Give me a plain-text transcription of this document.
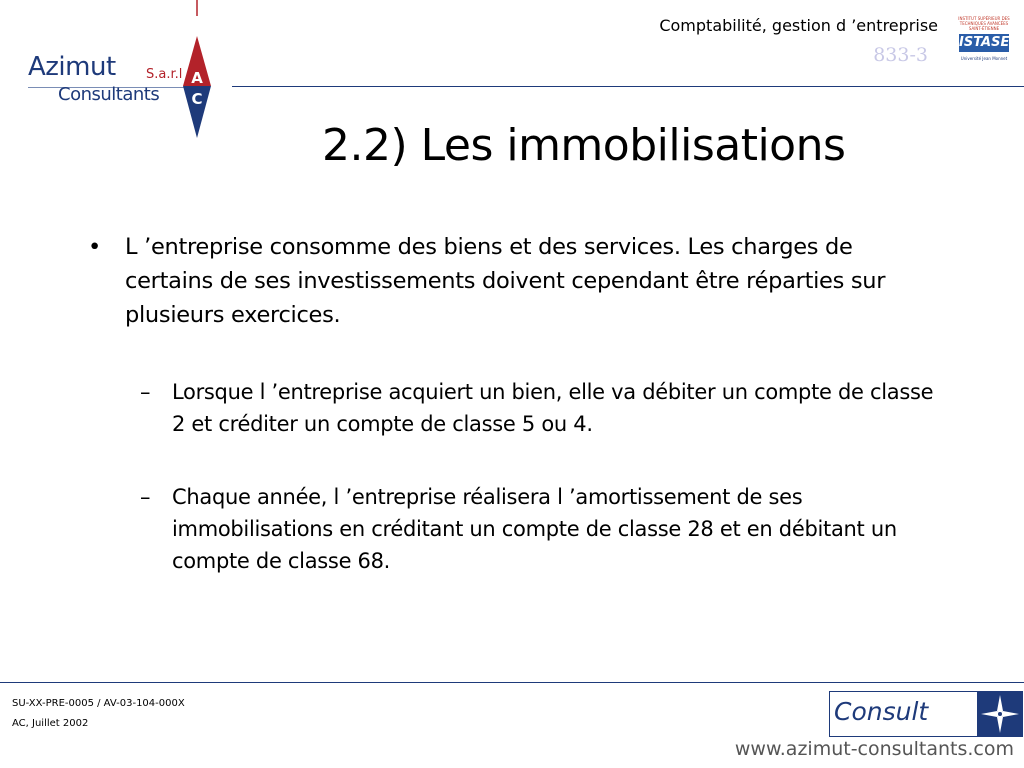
Azimut S.a.r.l
Consultants
A
C
Comptabilité, gestion d ’entreprise
833-3
INSTITUT SUPÉRIEUR DES TECHNIQUES AVANCÉES SAINT-ÉTIENNE
ISTASE
Université Jean Monnet
2.2) Les immobilisations
• L ’entreprise consomme des biens et des services. Les charges de certains de ses investissements doivent cependant être réparties sur plusieurs exercices.
– Lorsque l ’entreprise acquiert un bien, elle va débiter un compte de classe 2 et créditer un compte de classe 5 ou 4.
– Chaque année, l ’entreprise réalisera l ’amortissement de ses immobilisations en créditant un compte de classe 28 et en débitant un compte de classe 68.
SU-XX-PRE-0005 / AV-03-104-000X
AC, Juillet 2002	Consult
www.azimut-consultants.com
